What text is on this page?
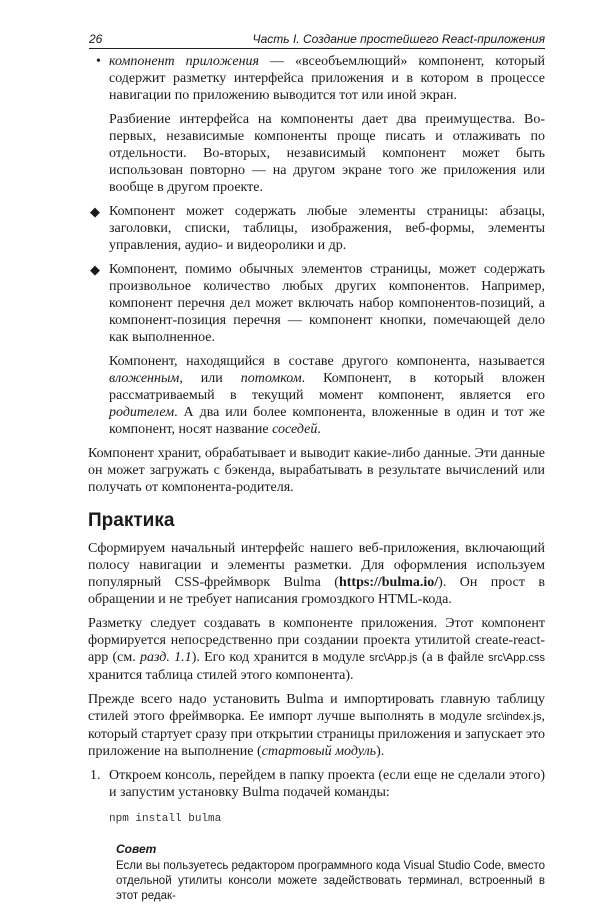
26	Часть I. Создание простейшего React-приложения
• компонент приложения — «всеобъемлющий» компонент, который содержит разметку интерфейса приложения и в котором в процессе навигации по приложению выводится тот или иной экран.

Разбиение интерфейса на компоненты дает два преимущества. Во-первых, независимые компоненты проще писать и отлаживать по отдельности. Во-вторых, независимый компонент может быть использован повторно — на другом экране того же приложения или вообще в другом проекте.

◆ Компонент может содержать любые элементы страницы: абзацы, заголовки, списки, таблицы, изображения, веб-формы, элементы управления, аудио- и видеоролики и др.

◆ Компонент, помимо обычных элементов страницы, может содержать произвольное количество любых других компонентов. Например, компонент перечня дел может включать набор компонентов-позиций, а компонент-позиция перечня — компонент кнопки, помечающей дело как выполненное.

Компонент, находящийся в составе другого компонента, называется вложенным, или потомком. Компонент, в который вложен рассматриваемый в текущий момент компонент, является его родителем. А два или более компонента, вложенные в один и тот же компонент, носят название соседей.

Компонент хранит, обрабатывает и выводит какие-либо данные. Эти данные он может загружать с бэкенда, вырабатывать в результате вычислений или получать от компонента-родителя.

Практика

Сформируем начальный интерфейс нашего веб-приложения, включающий полосу навигации и элементы разметки. Для оформления используем популярный CSS-фреймворк Bulma (https://bulma.io/). Он прост в обращении и не требует написания громоздкого HTML-кода.

Разметку следует создавать в компоненте приложения. Этот компонент формируется непосредственно при создании проекта утилитой create-react-app (см. разд. 1.1). Его код хранится в модуле src\App.js (а в файле src\App.css хранится таблица стилей этого компонента).

Прежде всего надо установить Bulma и импортировать главную таблицу стилей этого фреймворка. Ее импорт лучше выполнять в модуле src\index.js, который стартует сразу при открытии страницы приложения и запускает это приложение на выполнение (стартовый модуль).

1. Откроем консоль, перейдем в папку проекта (если еще не сделали этого) и запустим установку Bulma подачей команды:

npm install bulma
Совет

Если вы пользуетесь редактором программного кода Visual Studio Code, вместо отдельной утилиты консоли можете задействовать терминал, встроенный в этот редак-
